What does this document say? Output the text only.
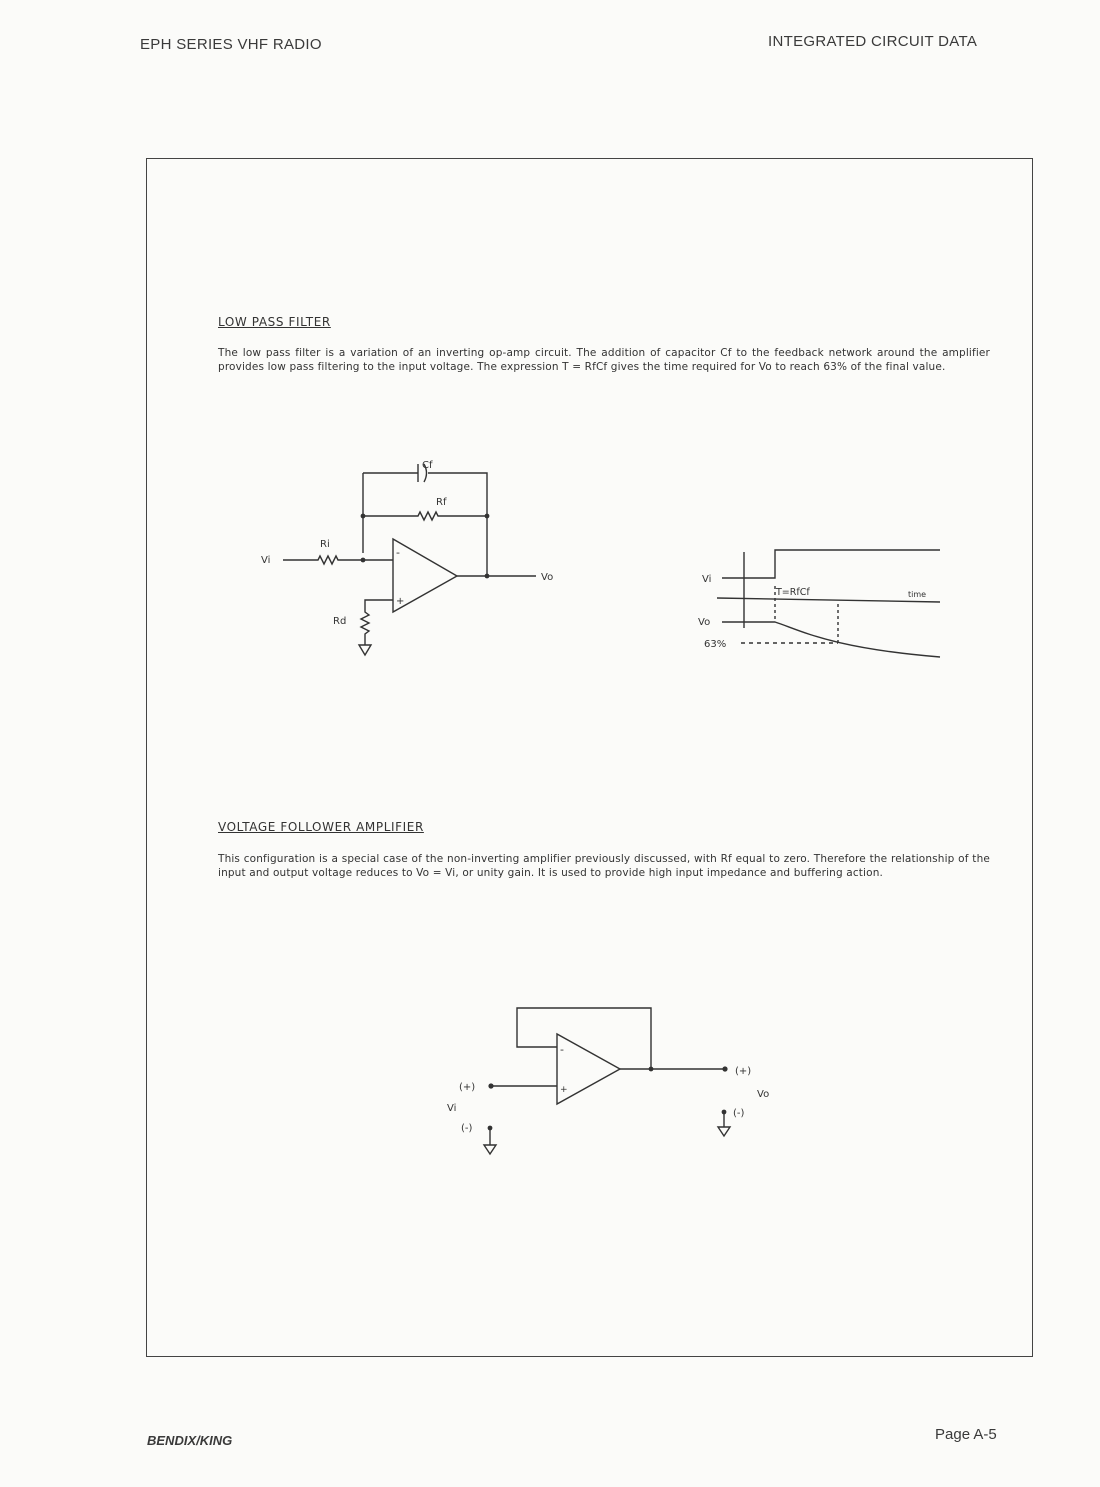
EPH SERIES VHF RADIO	INTEGRATED CIRCUIT DATA
LOW PASS FILTER
The low pass filter is a variation of an inverting op-amp circuit. The addition of capacitor Cf to the feedback network around the amplifier provides low pass filtering to the input voltage. The expression T = RfCf gives the time required for Vo to reach 63% of the final value.
VOLTAGE FOLLOWER AMPLIFIER
This configuration is a special case of the non-inverting amplifier previously discussed, with Rf equal to zero. Therefore the relationship of the input and output voltage reduces to Vo = Vi, or unity gain. It is used to provide high input impedance and buffering action.
Cf
Rf
Ri
Rd
Vi
Vo
-
+
Vi
Vo
T=RfCf	time
63%
-
+
(+)
Vi
(-)
(+)
Vo
(-)
BENDIX/KING	Page A-5
